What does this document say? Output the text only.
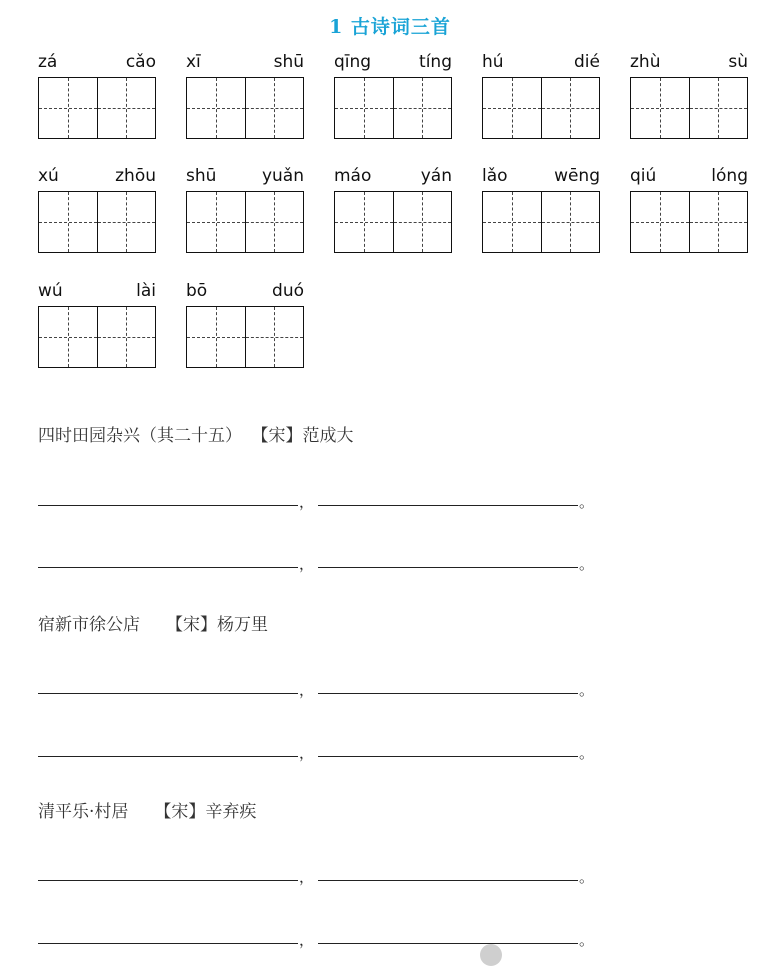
1 古诗词三首
zá	cǎo xī	shū qīng	tíng hú	dié zhù	sù
xú	zhōu shū	yuǎn máo	yán lǎo	wēng qiú	lóng
wú	lài bō	duó
四时田园杂兴（其二十五） 【宋】范成大
，	。
，	。
宿新市徐公店 【宋】杨万里
，	。
，	。
清平乐·村居 【宋】辛弃疾
，	。
，	。
